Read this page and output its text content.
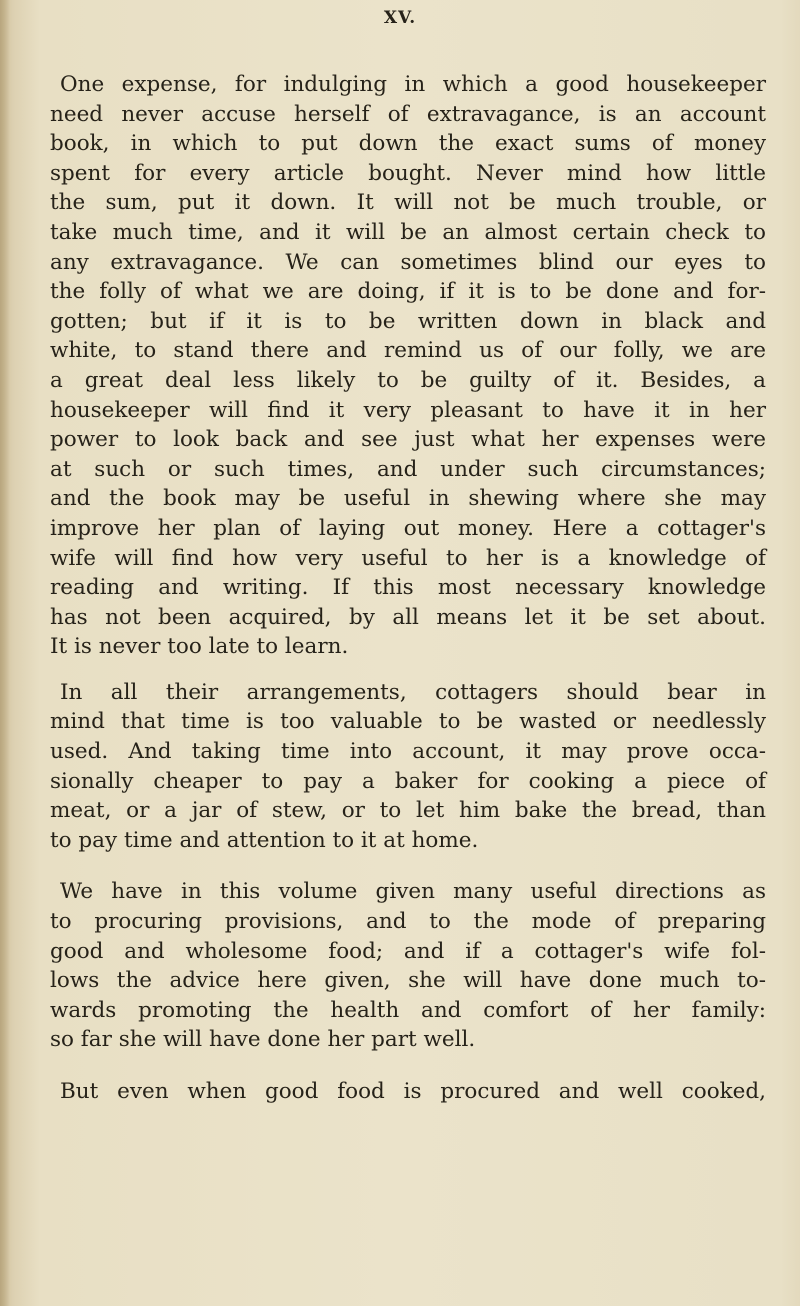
XV.

One expense, for indulging in which a good housekeeper
need never accuse herself of extravagance, is an account
book, in which to put down the exact sums of money
spent for every article bought. Never mind how little
the sum, put it down. It will not be much trouble, or
take much time, and it will be an almost certain check to
any extravagance. We can sometimes blind our eyes to
the folly of what we are doing, if it is to be done and for-
gotten; but if it is to be written down in black and
white, to stand there and remind us of our folly, we are
a great deal less likely to be guilty of it. Besides, a
housekeeper will find it very pleasant to have it in her
power to look back and see just what her expenses were
at such or such times, and under such circumstances;
and the book may be useful in shewing where she may
improve her plan of laying out money. Here a cottager's
wife will find how very useful to her is a knowledge of
reading and writing. If this most necessary knowledge
has not been acquired, by all means let it be set about.
It is never too late to learn.

In all their arrangements, cottagers should bear in
mind that time is too valuable to be wasted or needlessly
used. And taking time into account, it may prove occa-
sionally cheaper to pay a baker for cooking a piece of
meat, or a jar of stew, or to let him bake the bread, than
to pay time and attention to it at home.

We have in this volume given many useful directions as
to procuring provisions, and to the mode of preparing
good and wholesome food; and if a cottager's wife fol-
lows the advice here given, she will have done much to-
wards promoting the health and comfort of her family:
so far she will have done her part well.

But even when good food is procured and well cooked,
